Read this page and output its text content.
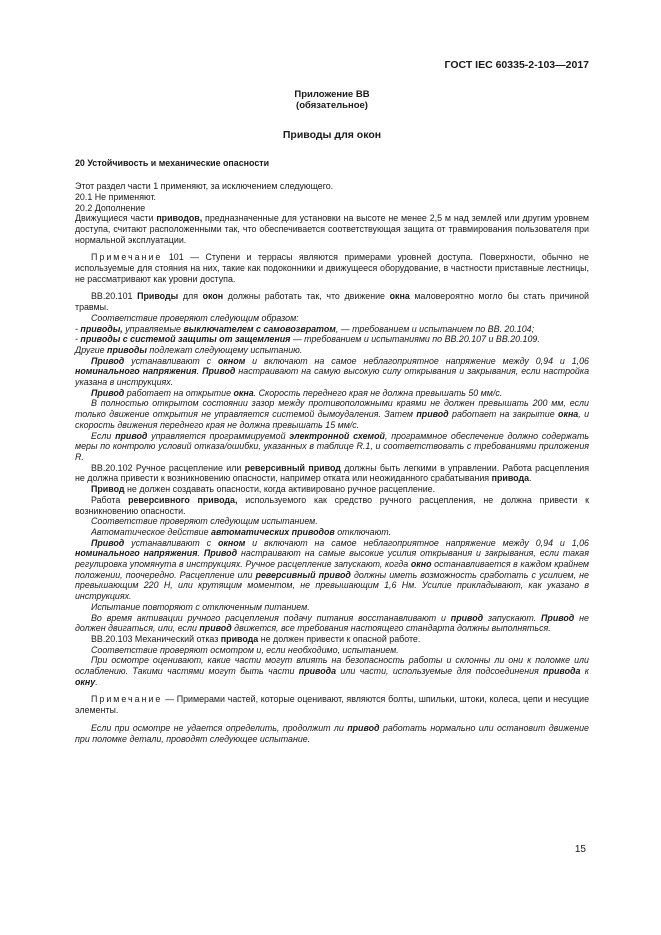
ГОСТ IEC 60335-2-103—2017
Приложение ВВ
(обязательное)
Приводы для окон
20 Устойчивость и механические опасности

Этот раздел части 1 применяют, за исключением следующего.

20.1 Не применяют.

20.2 Дополнение

Движущиеся части приводов, предназначенные для установки на высоте не менее 2,5 м над землей или другим уровнем доступа, считают расположенными так, что обеспечивается соответствующая защита от травмирования пользователя при нормальной эксплуатации.

Примечание 101 — Ступени и террасы являются примерами уровней доступа. Поверхности, обычно не используемые для стояния на них, такие как подоконники и движущееся оборудование, в частности приставные лестницы, не рассматривают как уровни доступа.

ВВ.20.101 Приводы для окон должны работать так, что движение окна маловероятно могло бы стать причиной травмы.

Соответствие проверяют следующим образом:

- приводы, управляемые выключателем с самовозвратом, — требованием и испытанием по ВВ. 20.104;

- приводы с системой защиты от защемления — требованием и испытаниями по ВВ.20.107 и ВВ.20.109.

Другие приводы подлежат следующему испытанию.

Привод устанавливают с окном и включают на самое неблагоприятное напряжение между 0,94 и 1,06 номинального напряжения. Привод настраивают на самую высокую силу открывания и закрывания, если настройка указана в инструкциях.

Привод работает на открытие окна. Скорость переднего края не должна превышать 50 мм/с.

В полностью открытом состоянии зазор между противоположными краями не должен превышать 200 мм, если только движение открытия не управляется системой дымоудаления. Затем привод работает на закрытие окна, и скорость движения переднего края не должна превышать 15 мм/с.

Если привод управляется программируемой электронной схемой, программное обеспечение должно содержать меры по контролю условий отказа/ошибки, указанных в таблице R.1, и соответствовать с требованиями приложения R.

ВВ.20.102 Ручное расцепление или реверсивный привод должны быть легкими в управлении. Работа расцепления не должна привести к возникновению опасности, например отката или неожиданного срабатывания привода.

Привод не должен создавать опасности, когда активировано ручное расцепление.

Работа реверсивного привода, используемого как средство ручного расцепления, не должна привести к возникновению опасности.

Соответствие проверяют следующим испытанием.

Автоматическое действие автоматических приводов отключают.

Привод устанавливают с окном и включают на самое неблагоприятное напряжение между 0,94 и 1,06 номинального напряжения. Привод настраивают на самые высокие усилия открывания и закрывания, если такая регулировка упомянута в инструкциях. Ручное расцепление запускают, когда окно останавливается в каждом крайнем положении, поочередно. Расцепление или реверсивный привод должны иметь возможность сработать с усилием, не превышающим 220 Н, или крутящим моментом, не превышающим 1,6 Нм. Усилие прикладывают, как указано в инструкциях.

Испытание повторяют с отключенным питанием.

Во время активации ручного расцепления подачу питания восстанавливают и привод запускают. Привод не должен двигаться, или, если привод движется, все требования настоящего стандарта должны выполняться.

ВВ.20.103 Механический отказ привода не должен привести к опасной работе.

Соответствие проверяют осмотром и, если необходимо, испытанием.

При осмотре оценивают, какие части могут влиять на безопасность работы и склонны ли они к поломке или ослаблению. Такими частями могут быть части привода или части, используемые для подсоединения привода к окну.

Примечание — Примерами частей, которые оценивают, являются болты, шпильки, штоки, колеса, цепи и несущие элементы.

Если при осмотре не удается определить, продолжит ли привод работать нормально или остановит движение при поломке детали, проводят следующее испытание.

15
